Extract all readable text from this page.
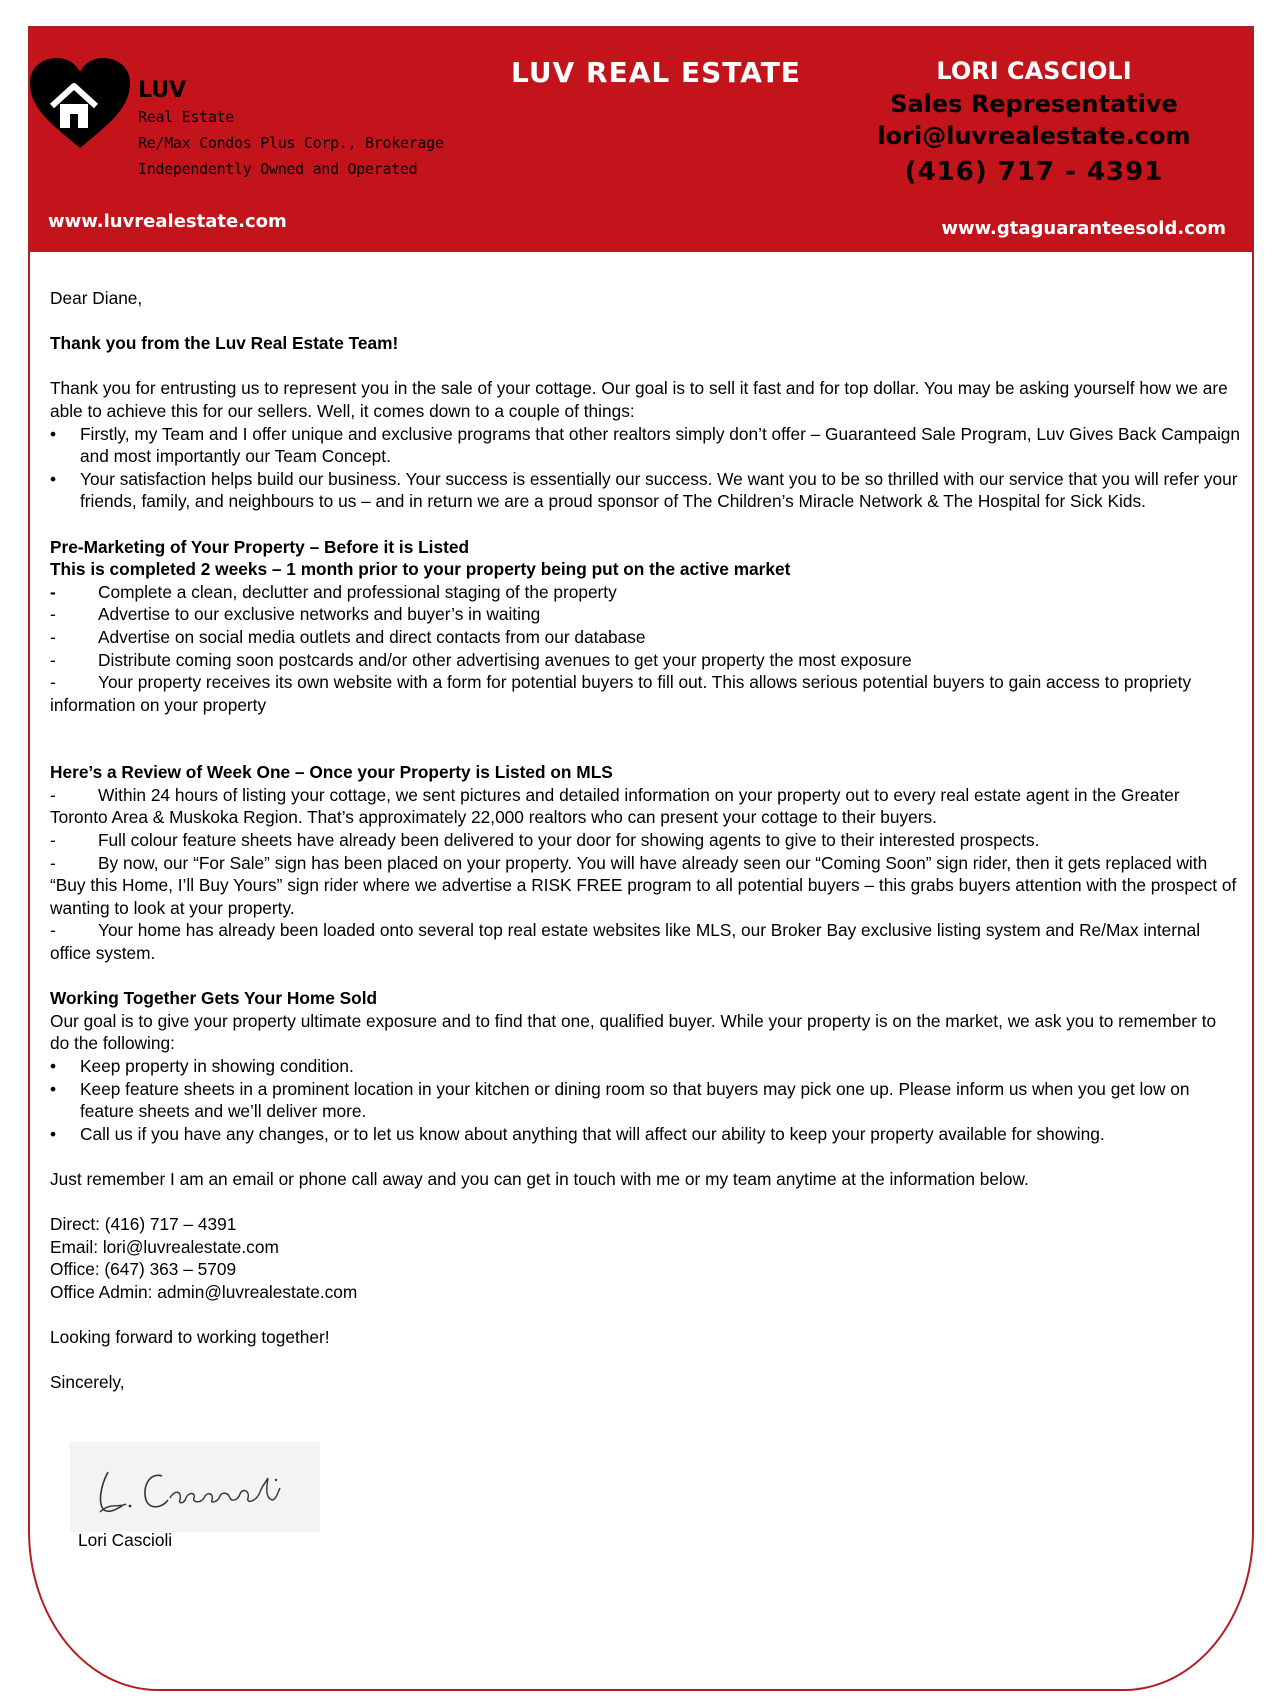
LUV
Real Estate
Re/Max Condos Plus Corp., Brokerage
Independently Owned and Operated
LUV REAL ESTATE	LORI CASCIOLI
Sales Representative
lori@luvrealestate.com
(416) 717 - 4391
www.luvrealestate.com	www.gtaguaranteesold.com

Dear Diane,

Thank you from the Luv Real Estate Team!

Thank you for entrusting us to represent you in the sale of your cottage. Our goal is to sell it fast and for top dollar. You may be asking yourself how we are able to achieve this for our sellers. Well, it comes down to a couple of things:

• Firstly, my Team and I offer unique and exclusive programs that other realtors simply don’t offer – Guaranteed Sale Program, Luv Gives Back Campaign and most importantly our Team Concept.
• Your satisfaction helps build our business. Your success is essentially our success. We want you to be so thrilled with our service that you will refer your friends, family, and neighbours to us – and in return we are a proud sponsor of The Children’s Miracle Network & The Hospital for Sick Kids.

Pre-Marketing of Your Property – Before it is Listed

This is completed 2 weeks – 1 month prior to your property being put on the active market

- Complete a clean, declutter and professional staging of the property

- Advertise to our exclusive networks and buyer’s in waiting

- Advertise on social media outlets and direct contacts from our database

- Distribute coming soon postcards and/or other advertising avenues to get your property the most exposure

- Your property receives its own website with a form for potential buyers to fill out. This allows serious potential buyers to gain access to propriety information on your property

Here’s a Review of Week One – Once your Property is Listed on MLS

- Within 24 hours of listing your cottage, we sent pictures and detailed information on your property out to every real estate agent in the Greater Toronto Area & Muskoka Region. That’s approximately 22,000 realtors who can present your cottage to their buyers.

- Full colour feature sheets have already been delivered to your door for showing agents to give to their interested prospects.

- By now, our “For Sale” sign has been placed on your property. You will have already seen our “Coming Soon” sign rider, then it gets replaced with “Buy this Home, I’ll Buy Yours” sign rider where we advertise a RISK FREE program to all potential buyers – this grabs buyers attention with the prospect of wanting to look at your property.

- Your home has already been loaded onto several top real estate websites like MLS, our Broker Bay exclusive listing system and Re/Max internal office system.

Working Together Gets Your Home Sold

Our goal is to give your property ultimate exposure and to find that one, qualified buyer. While your property is on the market, we ask you to remember to do the following:

• Keep property in showing condition.
• Keep feature sheets in a prominent location in your kitchen or dining room so that buyers may pick one up. Please inform us when you get low on feature sheets and we’ll deliver more.
• Call us if you have any changes, or to let us know about anything that will affect our ability to keep your property available for showing.

Just remember I am an email or phone call away and you can get in touch with me or my team anytime at the information below.

Direct: (416) 717 – 4391

Email: lori@luvrealestate.com

Office: (647) 363 – 5709

Office Admin: admin@luvrealestate.com

Looking forward to working together!

Sincerely,

Lori Cascioli
